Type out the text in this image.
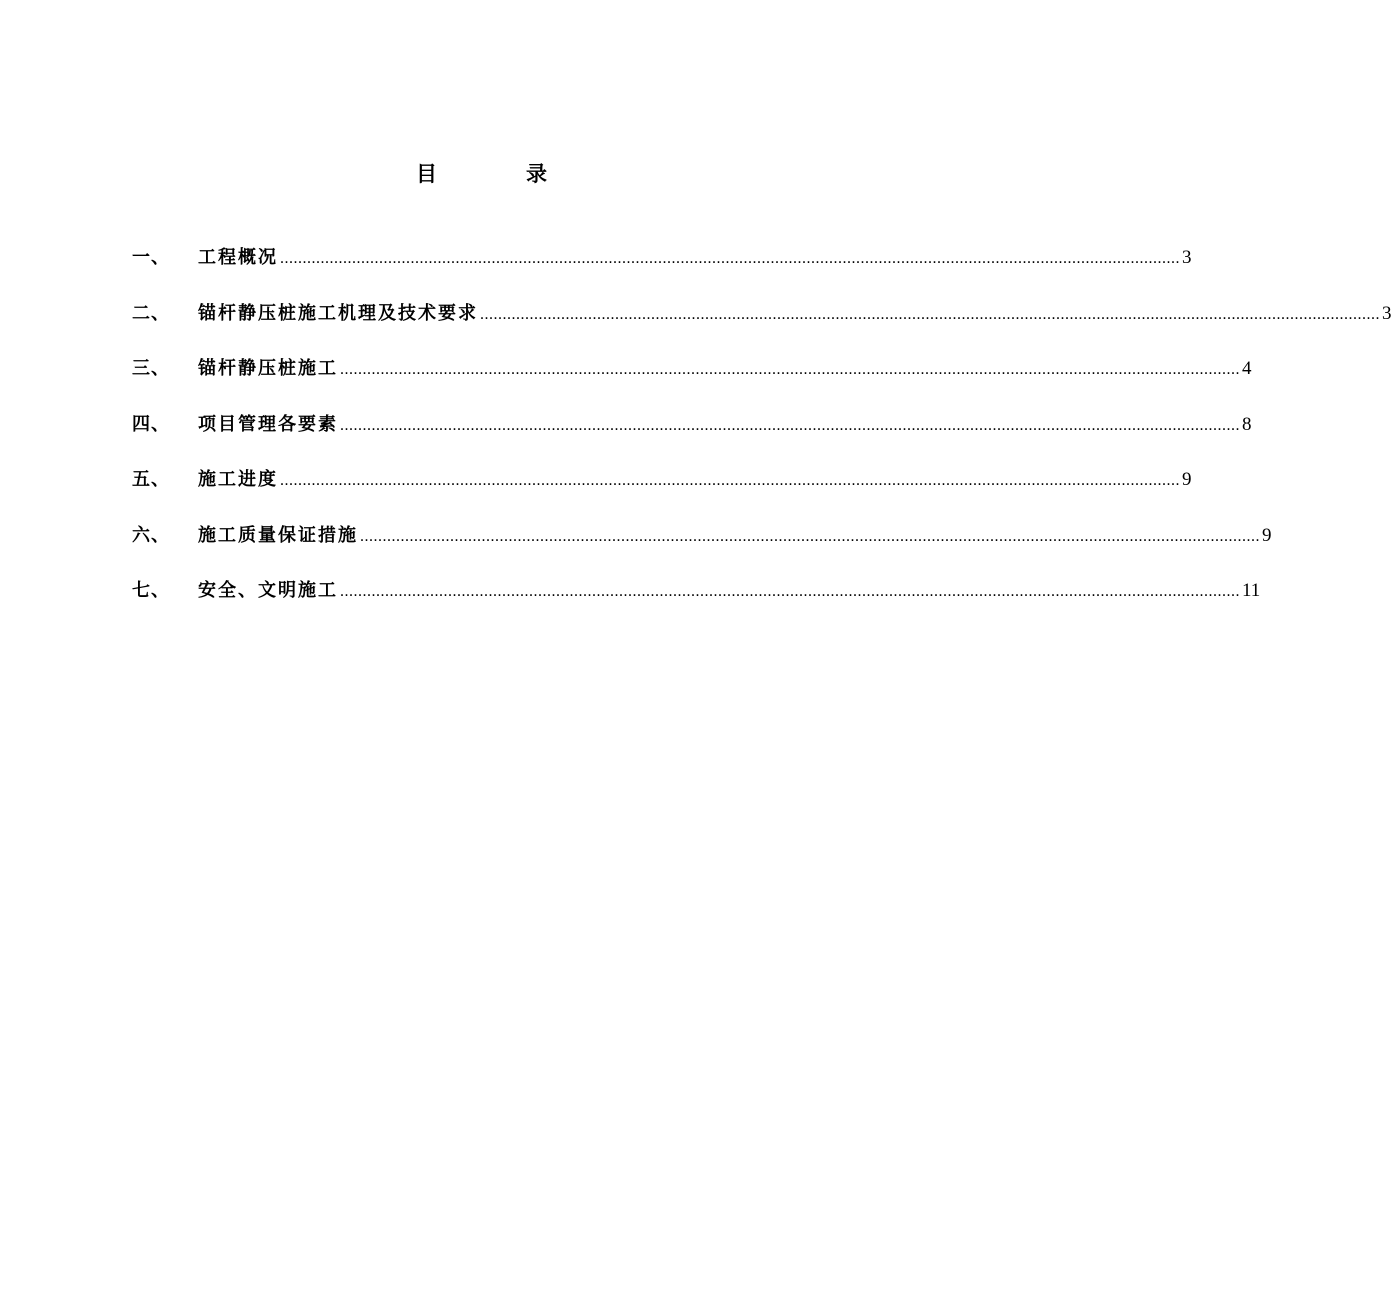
目	录
一、	工程概况 ........................................................................................................................................................................................................ 3
二、	锚杆静压桩施工机理及技术要求 ........................................................................................................................................................................................................ 3
三、	锚杆静压桩施工 ........................................................................................................................................................................................................ 4
四、	项目管理各要素 ........................................................................................................................................................................................................ 8
五、	施工进度 ........................................................................................................................................................................................................ 9
六、	施工质量保证措施 ........................................................................................................................................................................................................ 9
七、	安全、文明施工 ........................................................................................................................................................................................................ 11
